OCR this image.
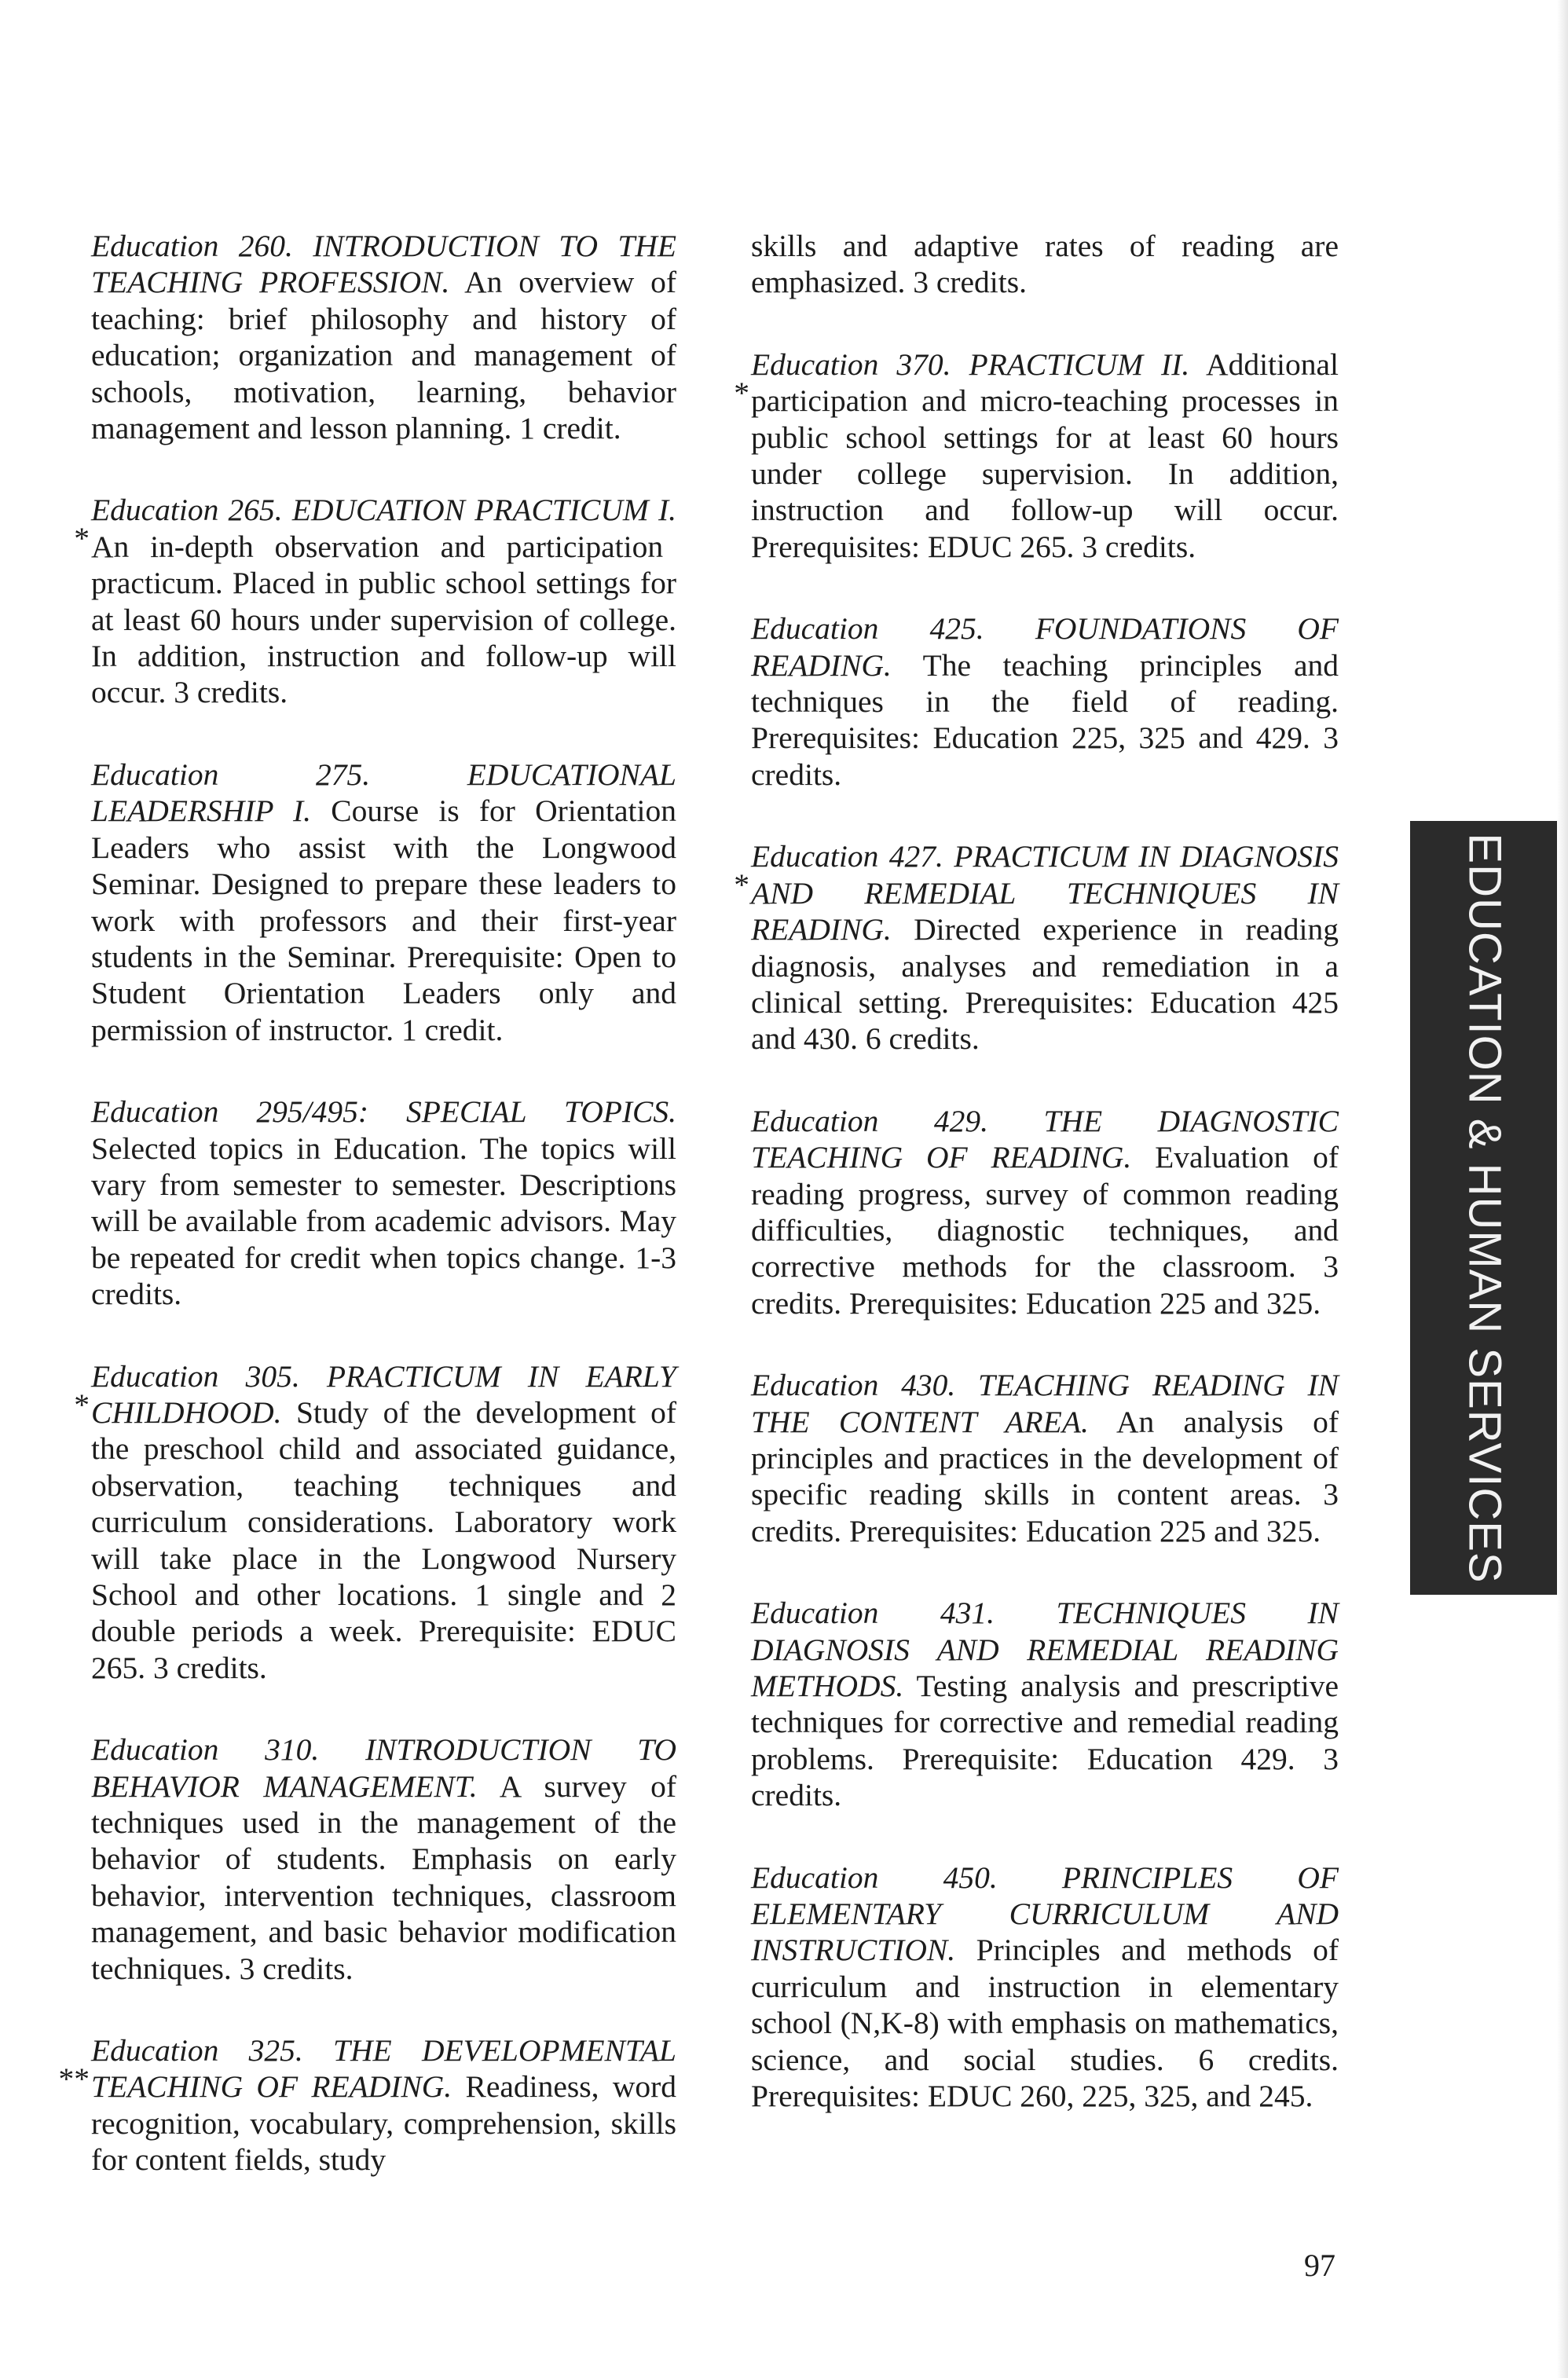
Education 260. INTRODUCTION TO THE TEACHING PROFESSION. An overview of teaching: brief philosophy and history of education; organization and management of schools, motivation, learning, behavior management and lesson planning. 1 credit.

*
Education 265. EDUCATION PRACTICUM I. An in-depth observation and participation practicum. Placed in public school settings for at least 60 hours under supervision of college. In addition, instruction and follow-up will occur. 3 credits.

Education 275. EDUCATIONAL LEADERSHIP I. Course is for Orientation Leaders who assist with the Longwood Seminar. Designed to prepare these leaders to work with professors and their first-year students in the Seminar. Prerequisite: Open to Student Orientation Leaders only and permission of instructor. 1 credit.

Education 295/495: SPECIAL TOPICS. Selected topics in Education. The topics will vary from semester to semester. Descriptions will be available from academic advisors. May be repeated for credit when topics change. 1-3 credits.

*
Education 305. PRACTICUM IN EARLY CHILDHOOD. Study of the development of the preschool child and associated guidance, observation, teaching techniques and curriculum considerations. Laboratory work will take place in the Longwood Nursery School and other locations. 1 single and 2 double periods a week. Prerequisite: EDUC 265. 3 credits.

Education 310. INTRODUCTION TO BEHAVIOR MANAGEMENT. A survey of techniques used in the management of the behavior of students. Emphasis on early behavior, intervention techniques, classroom management, and basic behavior modification techniques. 3 credits.

**
Education 325. THE DEVELOPMENTAL TEACHING OF READING. Readiness, word recognition, vocabulary, comprehension, skills for content fields, study

skills and adaptive rates of reading are emphasized. 3 credits.

*
Education 370. PRACTICUM II. Additional participation and micro-teaching processes in public school settings for at least 60 hours under college supervision. In addition, instruction and follow-up will occur. Prerequisites: EDUC 265. 3 credits.

Education 425. FOUNDATIONS OF READING. The teaching principles and techniques in the field of reading. Prerequisites: Education 225, 325 and 429. 3 credits.

*
Education 427. PRACTICUM IN DIAGNOSIS AND REMEDIAL TECHNIQUES IN READING. Directed experience in reading diagnosis, analyses and remediation in a clinical setting. Prerequisites: Education 425 and 430. 6 credits.

Education 429. THE DIAGNOSTIC TEACHING OF READING. Evaluation of reading progress, survey of common reading difficulties, diagnostic techniques, and corrective methods for the classroom. 3 credits. Prerequisites: Education 225 and 325.

Education 430. TEACHING READING IN THE CONTENT AREA. An analysis of principles and practices in the development of specific reading skills in content areas. 3 credits. Prerequisites: Education 225 and 325.

Education 431. TECHNIQUES IN DIAGNOSIS AND REMEDIAL READING METHODS. Testing analysis and prescriptive techniques for corrective and remedial reading problems. Prerequisite: Education 429. 3 credits.

Education 450. PRINCIPLES OF ELEMENTARY CURRICULUM AND INSTRUCTION. Principles and methods of curriculum and instruction in elementary school (N,K-8) with emphasis on mathematics, science, and social studies. 6 credits. Prerequisites: EDUC 260, 225, 325, and 245.

EDUCATION & HUMAN SERVICES
97
